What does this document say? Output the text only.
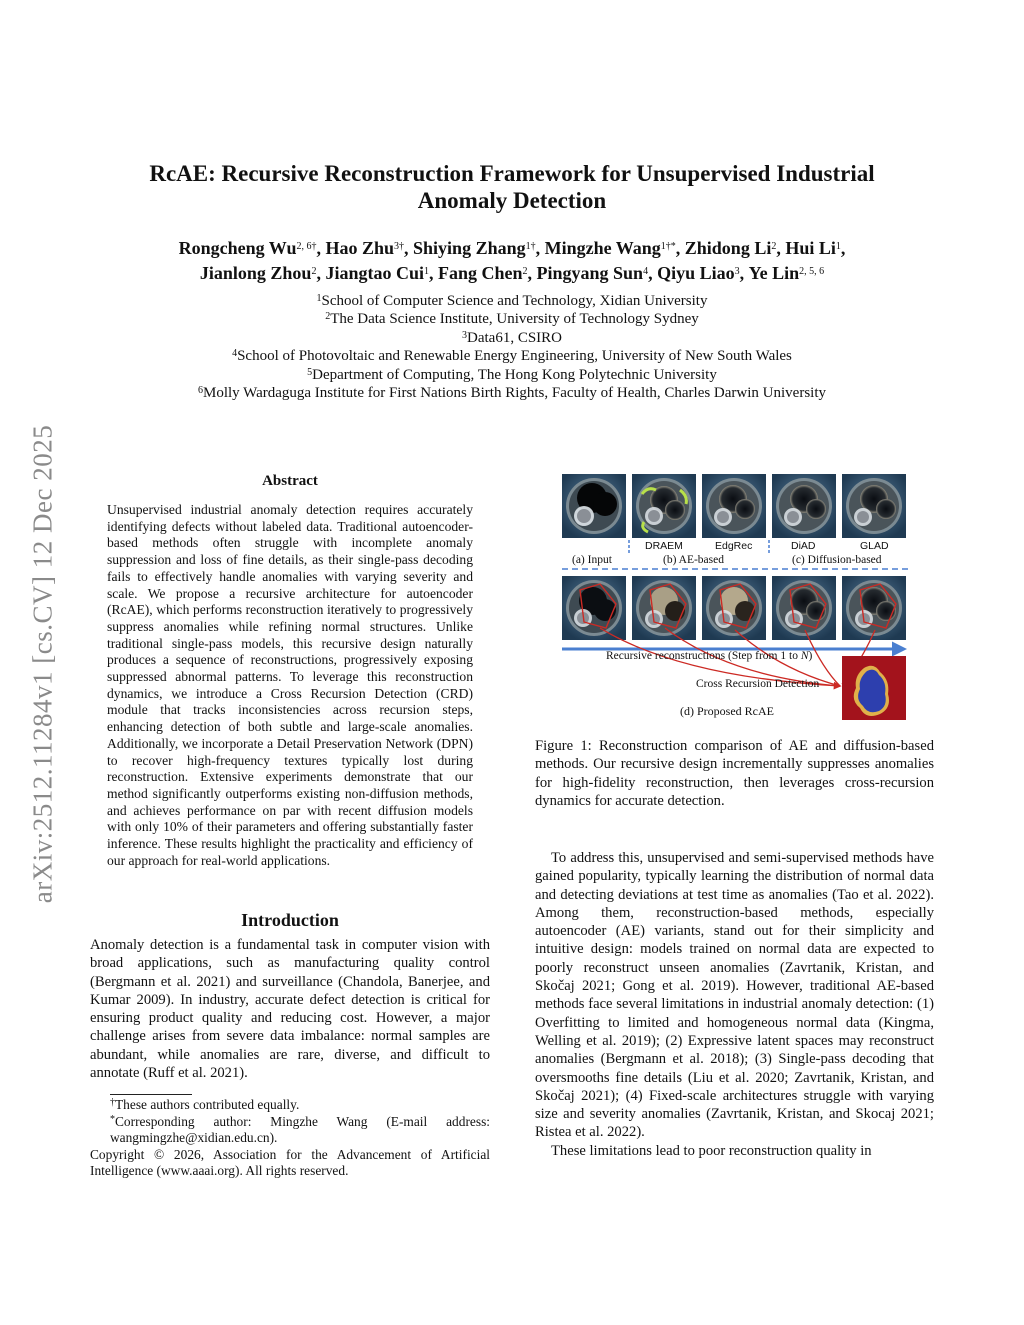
arXiv:2512.11284v1 [cs.CV] 12 Dec 2025
RcAE: Recursive Reconstruction Framework for Unsupervised Industrial
Anomaly Detection
Rongcheng $Wu^{2, 6\dagger}$, Hao Zhu$^{3\dagger}$, Shiying Zhang$^{1\dagger}$, Mingzhe Wang$^{1\dagger*}$, Zhidong Li$^2$, Hui Li$^1$,
Jianlong Zhou$^2$, Jiangtao Cui$^1$, Fang Chen$^2$, Pingyang Sun$^4$, Qiyu Liao$^3$, Ye Lin$^{2, 5, 6}$
$^1$School of Computer Science and Technology, Xidian University
$^2$The Data Science Institute, University of Technology Sydney
$^3$Data61, CSIRO
$^4$School of Photovoltaic and Renewable Energy Engineering, University of New South Wales
$^5$Department of Computing, The Hong Kong Polytechnic University
$^6$Molly Wardaguga Institute for First Nations Birth Rights, Faculty of Health, Charles Darwin University
Abstract

Unsupervised industrial anomaly detection requires accurately identifying defects without labeled data. Traditional autoencoder-based methods often struggle with incomplete anomaly suppression and loss of fine details, as their single-pass decoding fails to effectively handle anomalies with varying severity and scale. We propose a recursive architecture for autoencoder (RcAE), which performs reconstruction iteratively to progressively suppress anomalies while refining normal structures. Unlike traditional single-pass models, this recursive design naturally produces a sequence of reconstructions, progressively exposing suppressed abnormal patterns. To leverage this reconstruction dynamics, we introduce a Cross Recursion Detection (CRD) module that tracks inconsistencies across recursion steps, enhancing detection of both subtle and large-scale anomalies. Additionally, we incorporate a Detail Preservation Network (DPN) to recover high-frequency textures typically lost during reconstruction. Extensive experiments demonstrate that our method significantly outperforms existing non-diffusion methods, and achieves performance on par with recent diffusion models with only 10% of their parameters and offering substantially faster inference. These results highlight the practicality and efficiency of our approach for real-world applications.

Introduction

Anomaly detection is a fundamental task in computer vision with broad applications, such as manufacturing quality control (Bergmann et al. 2021) and surveillance (Chandola, Banerjee, and Kumar 2009). In industry, accurate defect detection is critical for ensuring product quality and reducing cost. However, a major challenge arises from severe data imbalance: normal samples are abundant, while anomalies are rare, diverse, and difficult to annotate (Ruff et al. 2021).

†These authors contributed equally.

*Corresponding author: Mingzhe Wang (E-mail address: wangmingzhe@xidian.edu.cn).

Copyright © 2026, Association for the Advancement of Artificial Intelligence (www.aaai.org). All rights reserved.

DRAEM	EdgRec	DiAD	GLAD
(a) Input	(b) AE-based	(c) Diffusion-based
Recursive reconstructions (Step from 1 to N)
Cross Recursion Detection
(d) Proposed RcAE

Figure 1: Reconstruction comparison of AE and diffusion-based methods. Our recursive design incrementally suppresses anomalies for high-fidelity reconstruction, then leverages cross-recursion dynamics for accurate detection.

To address this, unsupervised and semi-supervised methods have gained popularity, typically learning the distribution of normal data and detecting deviations at test time as anomalies (Tao et al. 2022). Among them, reconstruction-based methods, especially autoencoder (AE) variants, stand out for their simplicity and intuitive design: models trained on normal data are expected to poorly reconstruct unseen anomalies (Zavrtanik, Kristan, and Skočaj 2021; Gong et al. 2019). However, traditional AE-based methods face several limitations in industrial anomaly detection: (1) Overfitting to limited and homogeneous normal data (Kingma, Welling et al. 2019); (2) Expressive latent spaces may reconstruct anomalies (Bergmann et al. 2018); (3) Single-pass decoding that oversmooths fine details (Liu et al. 2020; Zavrtanik, Kristan, and Skočaj 2021); (4) Fixed-scale architectures struggle with varying size and severity anomalies (Zavrtanik, Kristan, and Skocaj 2021; Ristea et al. 2022).

These limitations lead to poor reconstruction quality in
